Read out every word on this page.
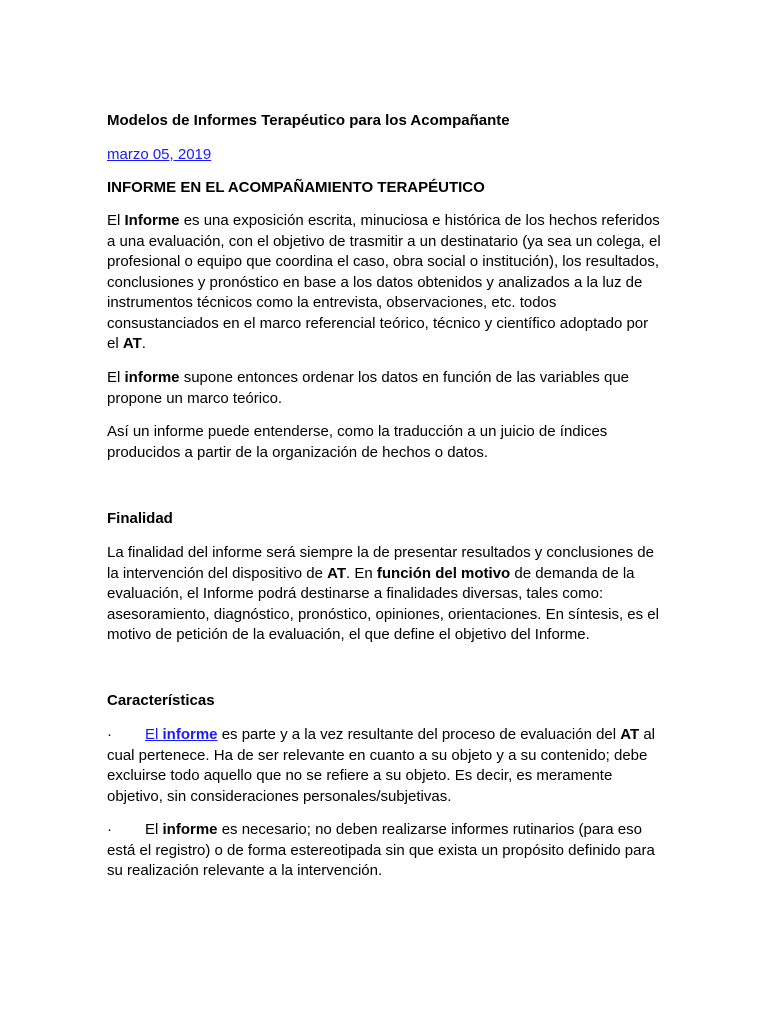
Modelos de Informes Terapéutico para los Acompañante
marzo 05, 2019
INFORME EN EL ACOMPAÑAMIENTO TERAPÉUTICO

El Informe es una exposición escrita, minuciosa e histórica de los hechos referidos a una evaluación, con el objetivo de trasmitir a un destinatario (ya sea un colega, el profesional o equipo que coordina el caso, obra social o institución), los resultados, conclusiones y pronóstico en base a los datos obtenidos y analizados a la luz de instrumentos técnicos como la entrevista, observaciones, etc. todos consustanciados en el marco referencial teórico, técnico y científico adoptado por el AT.

El informe supone entonces ordenar los datos en función de las variables que propone un marco teórico.

Así un informe puede entenderse, como la traducción a un juicio de índices producidos a partir de la organización de hechos o datos.

Finalidad

La finalidad del informe será siempre la de presentar resultados y conclusiones de la intervención del dispositivo de AT. En función del motivo de demanda de la evaluación, el Informe podrá destinarse a finalidades diversas, tales como: asesoramiento, diagnóstico, pronóstico, opiniones, orientaciones. En síntesis, es el motivo de petición de la evaluación, el que define el objetivo del Informe.

Características

· El informe es parte y a la vez resultante del proceso de evaluación del AT al cual pertenece. Ha de ser relevante en cuanto a su objeto y a su contenido; debe excluirse todo aquello que no se refiere a su objeto. Es decir, es meramente objetivo, sin consideraciones personales/subjetivas.

· El informe es necesario; no deben realizarse informes rutinarios (para eso está el registro) o de forma estereotipada sin que exista un propósito definido para su realización relevante a la intervención.
